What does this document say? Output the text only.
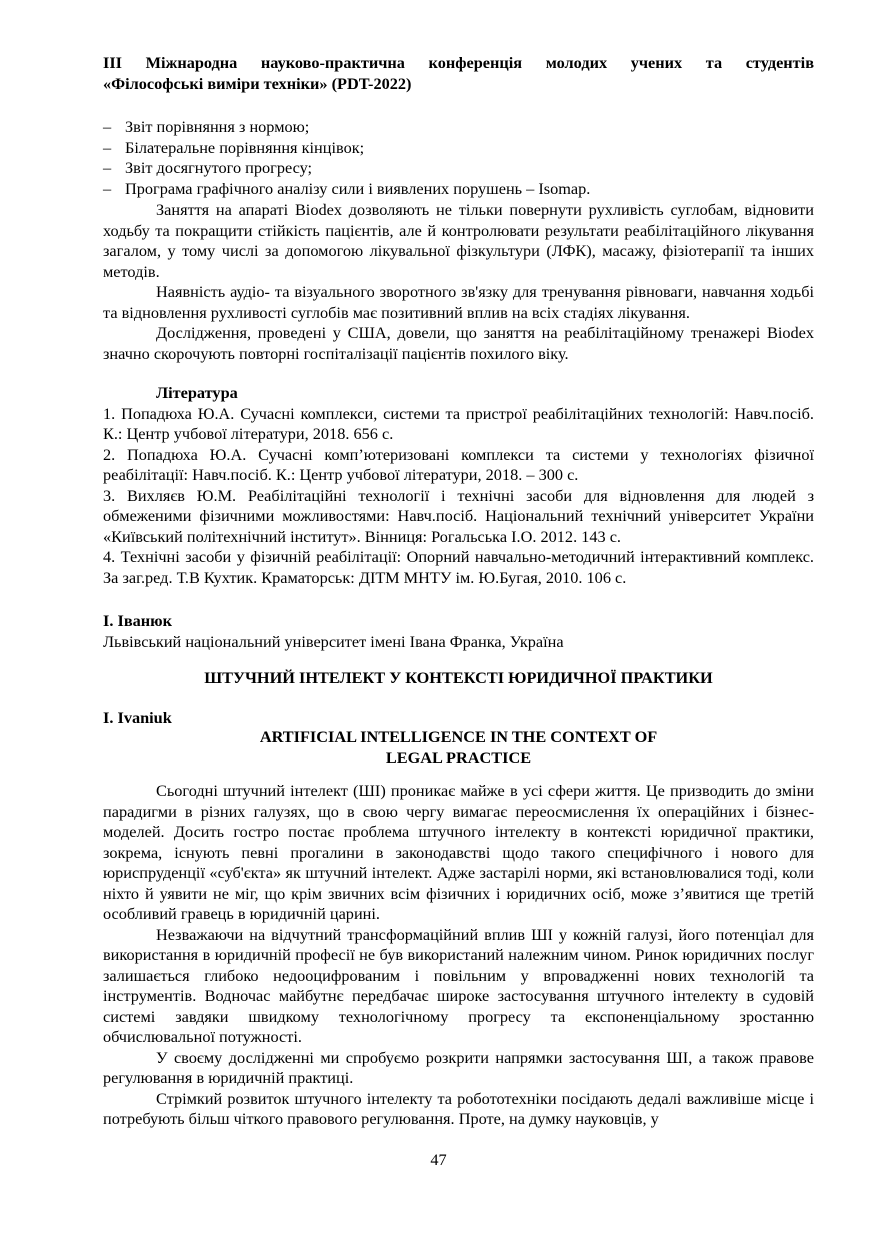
ІІІ Міжнародна науково-практична конференція молодих учених та студентів
«Філософські виміри техніки» (PDT-2022)
– Звіт порівняння з нормою;
– Білатеральне порівняння кінцівок;
– Звіт досягнутого прогресу;
– Програма графічного аналізу сили і виявлених порушень – Isomap.

Заняття на апараті Biodex дозволяють не тільки повернути рухливість суглобам, відновити ходьбу та покращити стійкість пацієнтів, але й контролювати результати реабілітаційного лікування загалом, у тому числі за допомогою лікувальної фізкультури (ЛФК), масажу, фізіотерапії та інших методів.

Наявність аудіо- та візуального зворотного зв'язку для тренування рівноваги, навчання ходьбі та відновлення рухливості суглобів має позитивний вплив на всіх стадіях лікування.

Дослідження, проведені у США, довели, що заняття на реабілітаційному тренажері Biodex значно скорочують повторні госпіталізації пацієнтів похилого віку.

Література

1. Попадюха Ю.А. Сучасні комплекси, системи та пристрої реабілітаційних технологій: Навч.посіб. К.: Центр учбової літератури, 2018. 656 с.

2. Попадюха Ю.А. Сучасні комп’ютеризовані комплекси та системи у технологіях фізичної реабілітації: Навч.посіб. К.: Центр учбової літератури, 2018. – 300 с.

3. Вихляєв Ю.М. Реабілітаційні технології і технічні засоби для відновлення для людей з обмеженими фізичними можливостями: Навч.посіб. Національний технічний університет України «Київський політехнічний інститут». Вінниця: Рогальська І.О. 2012. 143 с.

4. Технічні засоби у фізичній реабілітації: Опорний навчально-методичний інтерактивний комплекс. За заг.ред. Т.В Кухтик. Краматорськ: ДІТМ МНТУ ім. Ю.Бугая, 2010. 106 с.

І. Іванюк
Львівський національний університет імені Івана Франка, Україна
ШТУЧНИЙ ІНТЕЛЕКТ У КОНТЕКСТІ ЮРИДИЧНОЇ ПРАКТИКИ
I. Ivaniuk
ARTIFICIAL INTELLIGENCE IN THE CONTEXT OF
LEGAL PRACTICE

Сьогодні штучний інтелект (ШІ) проникає майже в усі сфери життя. Це призводить до зміни парадигми в різних галузях, що в свою чергу вимагає переосмислення їх операційних і бізнес-моделей. Досить гостро постає проблема штучного інтелекту в контексті юридичної практики, зокрема, існують певні прогалини в законодавстві щодо такого специфічного і нового для юриспруденції «суб'єкта» як штучний інтелект. Адже застарілі норми, які встановлювалися тоді, коли ніхто й уявити не міг, що крім звичних всім фізичних і юридичних осіб, може з’явитися ще третій особливий гравець в юридичній царині.

Незважаючи на відчутний трансформаційний вплив ШІ у кожній галузі, його потенціал для використання в юридичній професії не був використаний належним чином. Ринок юридичних послуг залишається глибоко недооцифрованим і повільним у впровадженні нових технологій та інструментів. Водночас майбутнє передбачає широке застосування штучного інтелекту в судовій системі завдяки швидкому технологічному прогресу та експоненціальному зростанню обчислювальної потужності.

У своєму дослідженні ми спробуємо розкрити напрямки застосування ШІ, а також правове регулювання в юридичній практиці.

Стрімкий розвиток штучного інтелекту та робототехніки посідають дедалі важливіше місце і потребують більш чіткого правового регулювання. Проте, на думку науковців, у

47
